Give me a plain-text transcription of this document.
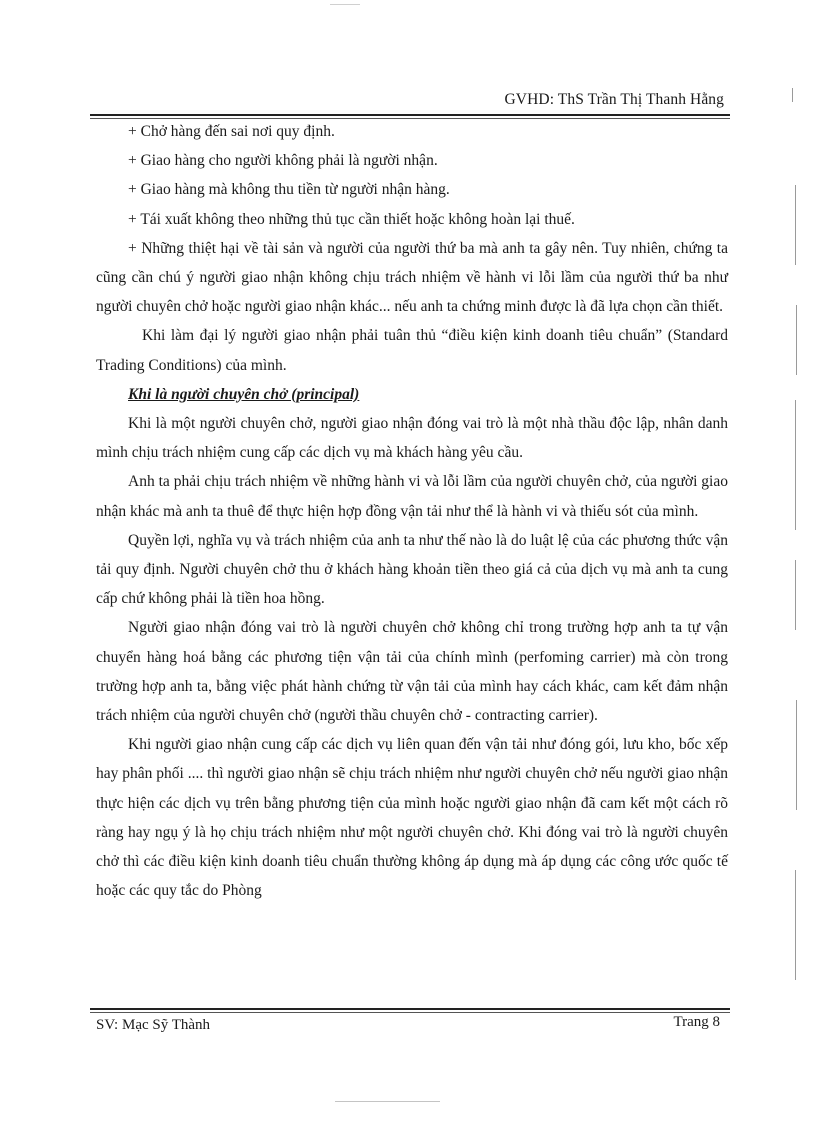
GVHD: ThS Trần Thị Thanh Hằng

+ Chở hàng đến sai nơi quy định.

+ Giao hàng cho người không phải là người nhận.

+ Giao hàng mà không thu tiền từ người nhận hàng.

+ Tái xuất không theo những thủ tục cần thiết hoặc không hoàn lại thuế.

+ Những thiệt hại về tài sản và người của người thứ ba mà anh ta gây nên. Tuy nhiên, chứng ta cũng cần chú ý người giao nhận không chịu trách nhiệm về hành vi lỗi lầm của người thứ ba như người chuyên chở hoặc người giao nhận khác... nếu anh ta chứng minh được là đã lựa chọn cần thiết.

Khi làm đại lý người giao nhận phải tuân thủ “điều kiện kinh doanh tiêu chuẩn” (Standard Trading Conditions) của mình.

Khi là người chuyên chở (principal)

Khi là một người chuyên chở, người giao nhận đóng vai trò là một nhà thầu độc lập, nhân danh mình chịu trách nhiệm cung cấp các dịch vụ mà khách hàng yêu cầu.

Anh ta phải chịu trách nhiệm về những hành vi và lỗi lầm của người chuyên chở, của người giao nhận khác mà anh ta thuê để thực hiện hợp đồng vận tải như thể là hành vi và thiếu sót của mình.

Quyền lợi, nghĩa vụ và trách nhiệm của anh ta như thế nào là do luật lệ của các phương thức vận tải quy định. Người chuyên chở thu ở khách hàng khoản tiền theo giá cả của dịch vụ mà anh ta cung cấp chứ không phải là tiền hoa hồng.

Người giao nhận đóng vai trò là người chuyên chở không chỉ trong trường hợp anh ta tự vận chuyển hàng hoá bằng các phương tiện vận tải của chính mình (perfoming carrier) mà còn trong trường hợp anh ta, bằng việc phát hành chứng từ vận tải của mình hay cách khác, cam kết đảm nhận trách nhiệm của người chuyên chở (người thầu chuyên chở - contracting carrier).

Khi người giao nhận cung cấp các dịch vụ liên quan đến vận tải như đóng gói, lưu kho, bốc xếp hay phân phối .... thì người giao nhận sẽ chịu trách nhiệm như người chuyên chở nếu người giao nhận thực hiện các dịch vụ trên bằng phương tiện của mình hoặc người giao nhận đã cam kết một cách rõ ràng hay ngụ ý là họ chịu trách nhiệm như một người chuyên chở. Khi đóng vai trò là người chuyên chở thì các điều kiện kinh doanh tiêu chuẩn thường không áp dụng mà áp dụng các công ước quốc tế hoặc các quy tắc do Phòng

SV: Mạc Sỹ Thành	Trang 8
